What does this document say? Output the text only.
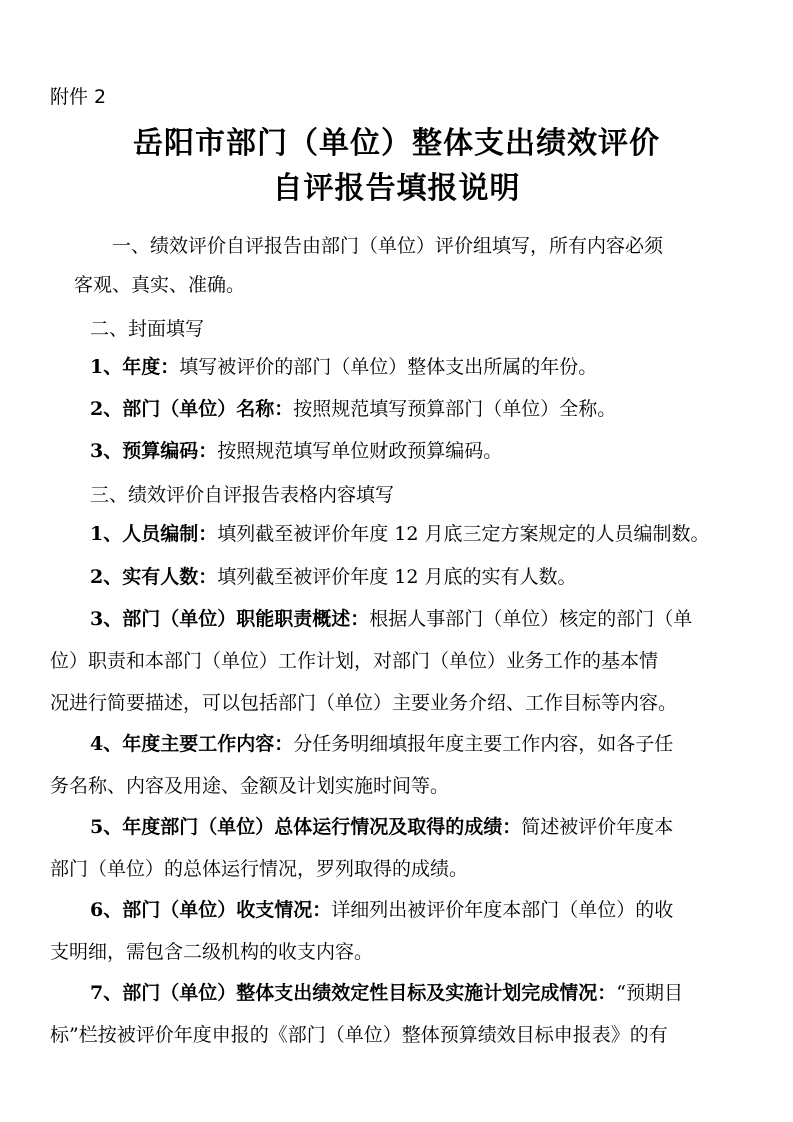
附件 2
岳阳市部门（单位）整体支出绩效评价
自评报告填报说明
一、绩效评价自评报告由部门（单位）评价组填写，所有内容必须
客观、真实、准确。
二、封面填写
1、年度：填写被评价的部门（单位）整体支出所属的年份。
2、部门（单位）名称：按照规范填写预算部门（单位）全称。
3、预算编码：按照规范填写单位财政预算编码。
三、绩效评价自评报告表格内容填写
1、人员编制：填列截至被评价年度 12 月底三定方案规定的人员编制数。
2、实有人数：填列截至被评价年度 12 月底的实有人数。
3、部门（单位）职能职责概述：根据人事部门（单位）核定的部门（单
位）职责和本部门（单位）工作计划，对部门（单位）业务工作的基本情
况进行简要描述，可以包括部门（单位）主要业务介绍、工作目标等内容。
4、年度主要工作内容：分任务明细填报年度主要工作内容，如各子任
务名称、内容及用途、金额及计划实施时间等。
5、年度部门（单位）总体运行情况及取得的成绩：简述被评价年度本
部门（单位）的总体运行情况，罗列取得的成绩。
6、部门（单位）收支情况：详细列出被评价年度本部门（单位）的收
支明细，需包含二级机构的收支内容。
7、部门（单位）整体支出绩效定性目标及实施计划完成情况：“预期目
标”栏按被评价年度申报的《部门（单位）整体预算绩效目标申报表》的有
